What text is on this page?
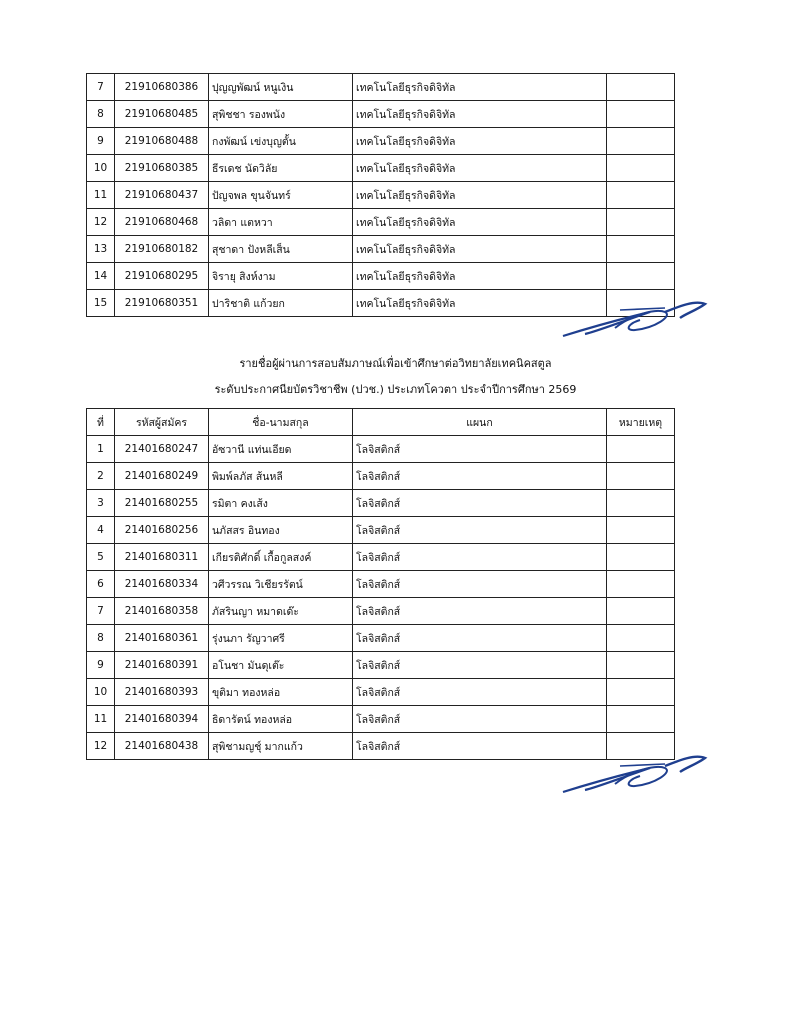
7	21910680386	ปุญญพัฒน์ หนูเงิน	เทคโนโลยีธุรกิจดิจิทัล	
8	21910680485	สุพิชชา รองพนัง	เทคโนโลยีธุรกิจดิจิทัล	
9	21910680488	กงพัฒน์ เข่งบุญตั้น	เทคโนโลยีธุรกิจดิจิทัล	
10	21910680385	ธีรเดช นัดวิลัย	เทคโนโลยีธุรกิจดิจิทัล	
11	21910680437	ปัญจพล ขุนจันทร์	เทคโนโลยีธุรกิจดิจิทัล	
12	21910680468	วลิดา แตหวา	เทคโนโลยีธุรกิจดิจิทัล	
13	21910680182	สุชาดา ปังหลีเส็น	เทคโนโลยีธุรกิจดิจิทัล	
14	21910680295	จิรายุ สิงห์งาม	เทคโนโลยีธุรกิจดิจิทัล	
15	21910680351	ปาริชาติ แก้วยก	เทคโนโลยีธุรกิจดิจิทัล	
รายชื่อผู้ผ่านการสอบสัมภาษณ์เพื่อเข้าศึกษาต่อวิทยาลัยเทคนิคสตูล
ระดับประกาศนียบัตรวิชาชีพ (ปวช.) ประเภทโควตา ประจำปีการศึกษา 2569
ที่	รหัสผู้สมัคร	ชื่อ-นามสกุล	แผนก	หมายเหตุ
1	21401680247	อัซวานี แท่นเอียด	โลจิสติกส์	
2	21401680249	พิมพ์ลภัส ส้นหลี	โลจิสติกส์	
3	21401680255	รมิตา คงเส้ง	โลจิสติกส์	
4	21401680256	นภัสสร อินทอง	โลจิสติกส์	
5	21401680311	เกียรติศักดิ์ เกื้อกูลสงค์	โลจิสติกส์	
6	21401680334	วศีวรรณ วิเชียรรัตน์	โลจิสติกส์	
7	21401680358	ภัสรินญา หมาดเด๊ะ	โลจิสติกส์	
8	21401680361	รุ่งนภา รัญวาศรี	โลจิสติกส์	
9	21401680391	อโนชา มันดุเต๊ะ	โลจิสติกส์	
10	21401680393	ขุติมา ทองหล่อ	โลจิสติกส์	
11	21401680394	ธิดารัตน์ ทองหล่อ	โลจิสติกส์	
12	21401680438	สุพิชามญชุ์ มากแก้ว	โลจิสติกส์	
